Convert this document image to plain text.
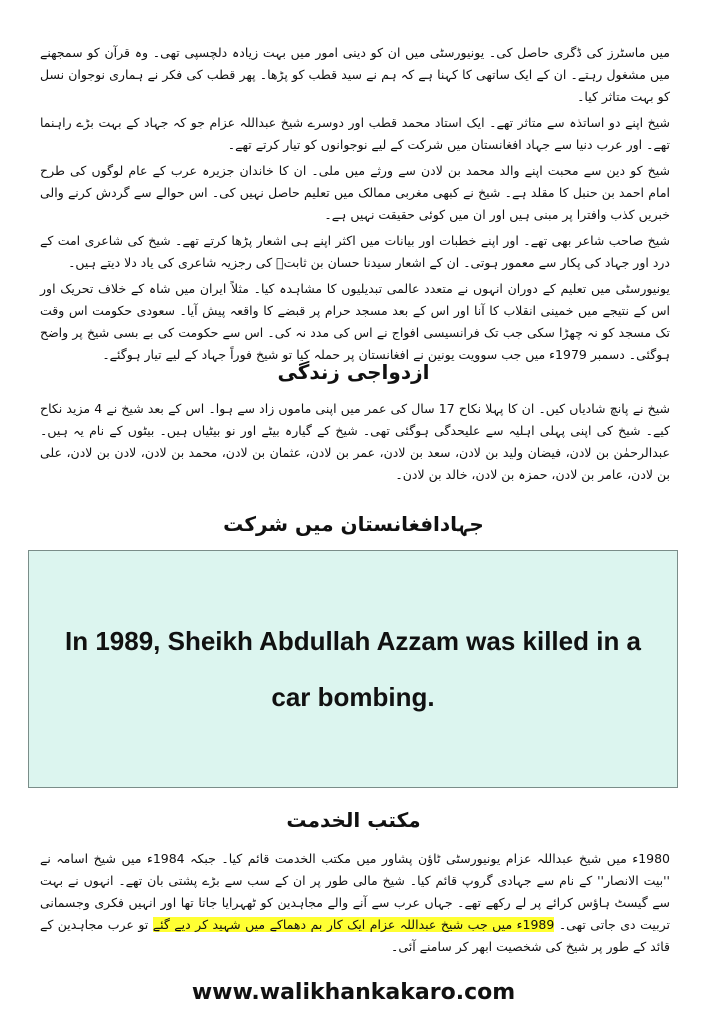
میں ماسٹرز کی ڈگری حاصل کی۔ یونیورسٹی میں ان کو دینی امور میں بہت زیادہ دلچسپی تھی۔ وہ قرآن کو سمجھنے میں مشغول رہتے۔ ان کے ایک ساتھی کا کہنا ہے کہ ہم نے سید قطب کو پڑھا۔ پھر قطب کی فکر نے ہماری نوجوان نسل کو بہت متاثر کیا۔

شیخ اپنے دو اساتذہ سے متاثر تھے۔ ایک استاد محمد قطب اور دوسرے شیخ عبداللہ عزام جو کہ جہاد کے بہت بڑے راہنما تھے۔ اور عرب دنیا سے جہاد افغانستان میں شرکت کے لیے نوجوانوں کو تیار کرتے تھے۔

شیخ کو دین سے محبت اپنے والد محمد بن لادن سے ورثے میں ملی۔ ان کا خاندان جزیرہ عرب کے عام لوگوں کی طرح امام احمد بن حنبل کا مقلد ہے۔ شیخ نے کبھی مغربی ممالک میں تعلیم حاصل نہیں کی۔ اس حوالے سے گردش کرنے والی خبریں کذب وافترا پر مبنی ہیں اور ان میں کوئی حقیقت نہیں ہے۔

شیخ صاحب شاعر بھی تھے۔ اور اپنے خطبات اور بیانات میں اکثر اپنے ہی اشعار پڑھا کرتے تھے۔ شیخ کی شاعری امت کے درد اور جہاد کی پکار سے معمور ہوتی۔ ان کے اشعار سیدنا حسان بن ثابتؓ کی رجزیہ شاعری کی یاد دلا دیتے ہیں۔

یونیورسٹی میں تعلیم کے دوران انہوں نے متعدد عالمی تبدیلیوں کا مشاہدہ کیا۔ مثلاً ایران میں شاہ کے خلاف تحریک اور اس کے نتیجے میں خمینی انقلاب کا آنا اور اس کے بعد مسجد حرام پر قبضے کا واقعہ پیش آیا۔ سعودی حکومت اس وقت تک مسجد کو نہ چھڑا سکی جب تک فرانسیسی افواج نے اس کی مدد نہ کی۔ اس سے حکومت کی بے بسی شیخ پر واضح ہوگئی۔ دسمبر 1979ء میں جب سوویت یونین نے افغانستان پر حملہ کیا تو شیخ فوراً جہاد کے لیے تیار ہوگئے۔

ازدواجی زندگی

شیخ نے پانچ شادیاں کیں۔ ان کا پہلا نکاح 17 سال کی عمر میں اپنی ماموں زاد سے ہوا۔ اس کے بعد شیخ نے 4 مزید نکاح کیے۔ شیخ کی اپنی پہلی اہلیہ سے علیحدگی ہوگئی تھی۔ شیخ کے گیارہ بیٹے اور نو بیٹیاں ہیں۔ بیٹوں کے نام یہ ہیں۔ عبدالرحمٰن بن لادن، فیضان ولید بن لادن، سعد بن لادن، عمر بن لادن، عثمان بن لادن، محمد بن لادن، لادن بن لادن، علی بن لادن، عامر بن لادن، حمزہ بن لادن، خالد بن لادن۔

جہادافغانستان میں شرکت
In 1989, Sheikh Abdullah Azzam was killed in a car bombing.
مکتب الخدمت

1980ء میں شیخ عبداللہ عزام یونیورسٹی ٹاؤن پشاور میں مکتب الخدمت قائم کیا۔ جبکہ 1984ء میں شیخ اسامہ نے ''بیت الانصار'' کے نام سے جہادی گروپ قائم کیا۔ شیخ مالی طور پر ان کے سب سے بڑے پشتی بان تھے۔ انہوں نے بہت سے گیسٹ ہاؤس کرائے پر لے رکھے تھے۔ جہاں عرب سے آنے والے مجاہدین کو ٹھہرایا جاتا تھا اور انہیں فکری وجسمانی تربیت دی جاتی تھی۔ 1989ء میں جب شیخ عبداللہ عزام ایک کار بم دھماکے میں شہید کر دیے گئے تو عرب مجاہدین کے قائد کے طور پر شیخ کی شخصیت ابھر کر سامنے آئی۔

www.walikhankakaro.com
